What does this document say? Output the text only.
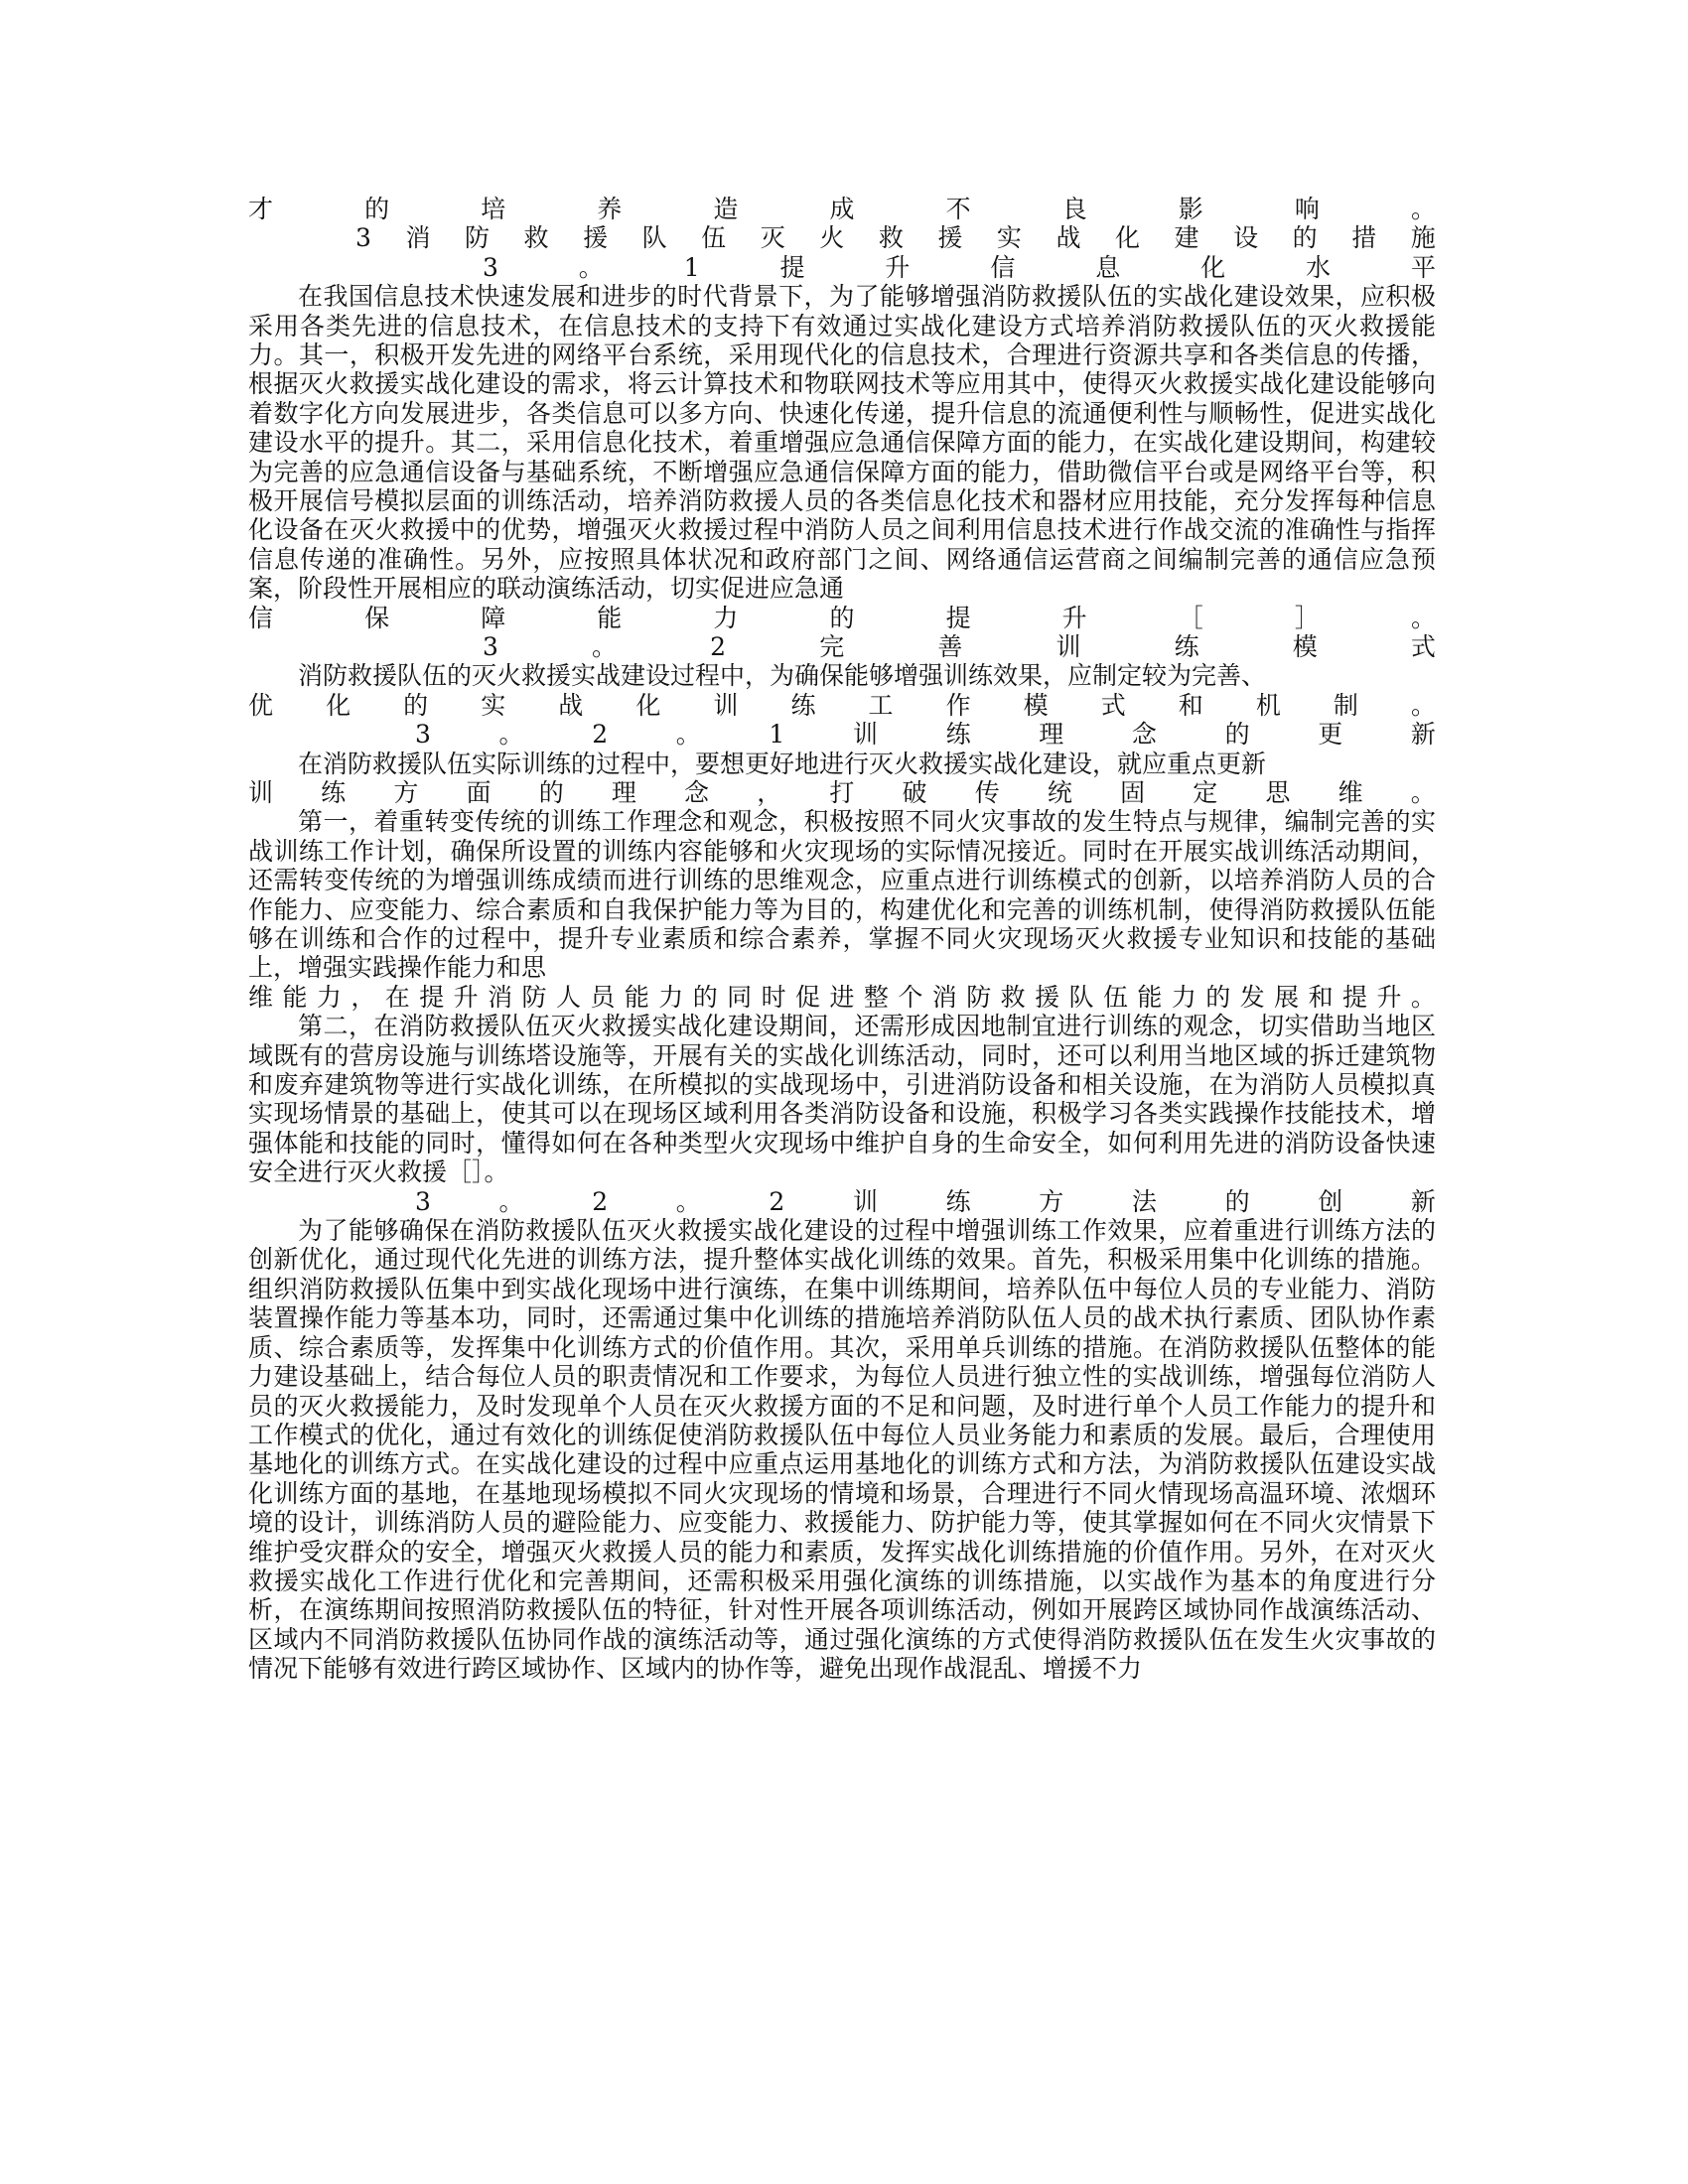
才	的	培	养	造	成	不	良	影	响	。
3 消 防 救 援 队 伍 灭 火 救 援 实 战 化 建 设 的 措 施
3	。	1	提	升	信	息	化	水	平

在我国信息技术快速发展和进步的时代背景下，为了能够增强消防救援队伍的实战化建设效果，应积极采用各类先进的信息技术，在信息技术的支持下有效通过实战化建设方式培养消防救援队伍的灭火救援能力。其一，积极开发先进的网络平台系统，采用现代化的信息技术，合理进行资源共享和各类信息的传播，根据灭火救援实战化建设的需求，将云计算技术和物联网技术等应用其中，使得灭火救援实战化建设能够向着数字化方向发展进步，各类信息可以多方向、快速化传递，提升信息的流通便利性与顺畅性，促进实战化建设水平的提升。其二，采用信息化技术，着重增强应急通信保障方面的能力，在实战化建设期间，构建较为完善的应急通信设备与基础系统，不断增强应急通信保障方面的能力，借助微信平台或是网络平台等，积极开展信号模拟层面的训练活动，培养消防救援人员的各类信息化技术和器材应用技能，充分发挥每种信息化设备在灭火救援中的优势，增强灭火救援过程中消防人员之间利用信息技术进行作战交流的准确性与指挥信息传递的准确性。另外，应按照具体状况和政府部门之间、网络通信运营商之间编制完善的通信应急预案，阶段性开展相应的联动演练活动，切实促进应急通

信	保	障	能	力	的	提	升	［	］	。
3	。	2	完	善	训	练	模	式

消防救援队伍的灭火救援实战建设过程中，为确保能够增强训练效果，应制定较为完善、

优 化 的 实 战 化 训 练 工 作 模 式 和 机 制 。
3	。	2	。	1	训	练	理	念	的	更	新

在消防救援队伍实际训练的过程中，要想更好地进行灭火救援实战化建设，就应重点更新

训 练 方 面 的 理 念 ， 打 破 传 统 固 定 思 维 。

第一，着重转变传统的训练工作理念和观念，积极按照不同火灾事故的发生特点与规律，编制完善的实战训练工作计划，确保所设置的训练内容能够和火灾现场的实际情况接近。同时在开展实战训练活动期间，还需转变传统的为增强训练成绩而进行训练的思维观念，应重点进行训练模式的创新，以培养消防人员的合作能力、应变能力、综合素质和自我保护能力等为目的，构建优化和完善的训练机制，使得消防救援队伍能够在训练和合作的过程中，提升专业素质和综合素养，掌握不同火灾现场灭火救援专业知识和技能的基础上，增强实践操作能力和思

维 能 力 ， 在 提 升 消 防 人 员 能 力 的 同 时 促 进 整 个 消 防 救 援 队 伍 能 力 的 发 展 和 提 升 。

第二，在消防救援队伍灭火救援实战化建设期间，还需形成因地制宜进行训练的观念，切实借助当地区域既有的营房设施与训练塔设施等，开展有关的实战化训练活动，同时，还可以利用当地区域的拆迁建筑物和废弃建筑物等进行实战化训练，在所模拟的实战现场中，引进消防设备和相关设施，在为消防人员模拟真实现场情景的基础上，使其可以在现场区域利用各类消防设备和设施，积极学习各类实践操作技能技术，增强体能和技能的同时，懂得如何在各种类型火灾现场中维护自身的生命安全，如何利用先进的消防设备快速安全进行灭火救援［］。

3	。	2	。	2	训	练	方	法	的	创	新

为了能够确保在消防救援队伍灭火救援实战化建设的过程中增强训练工作效果，应着重进行训练方法的创新优化，通过现代化先进的训练方法，提升整体实战化训练的效果。首先，积极采用集中化训练的措施。组织消防救援队伍集中到实战化现场中进行演练，在集中训练期间，培养队伍中每位人员的专业能力、消防装置操作能力等基本功，同时，还需通过集中化训练的措施培养消防队伍人员的战术执行素质、团队协作素质、综合素质等，发挥集中化训练方式的价值作用。其次，采用单兵训练的措施。在消防救援队伍整体的能力建设基础上，结合每位人员的职责情况和工作要求，为每位人员进行独立性的实战训练，增强每位消防人员的灭火救援能力，及时发现单个人员在灭火救援方面的不足和问题，及时进行单个人员工作能力的提升和工作模式的优化，通过有效化的训练促使消防救援队伍中每位人员业务能力和素质的发展。最后，合理使用基地化的训练方式。在实战化建设的过程中应重点运用基地化的训练方式和方法，为消防救援队伍建设实战化训练方面的基地，在基地现场模拟不同火灾现场的情境和场景，合理进行不同火情现场高温环境、浓烟环境的设计，训练消防人员的避险能力、应变能力、救援能力、防护能力等，使其掌握如何在不同火灾情景下维护受灾群众的安全，增强灭火救援人员的能力和素质，发挥实战化训练措施的价值作用。另外，在对灭火救援实战化工作进行优化和完善期间，还需积极采用强化演练的训练措施，以实战作为基本的角度进行分析，在演练期间按照消防救援队伍的特征，针对性开展各项训练活动，例如开展跨区域协同作战演练活动、区域内不同消防救援队伍协同作战的演练活动等，通过强化演练的方式使得消防救援队伍在发生火灾事故的情况下能够有效进行跨区域协作、区域内的协作等，避免出现作战混乱、增援不力
